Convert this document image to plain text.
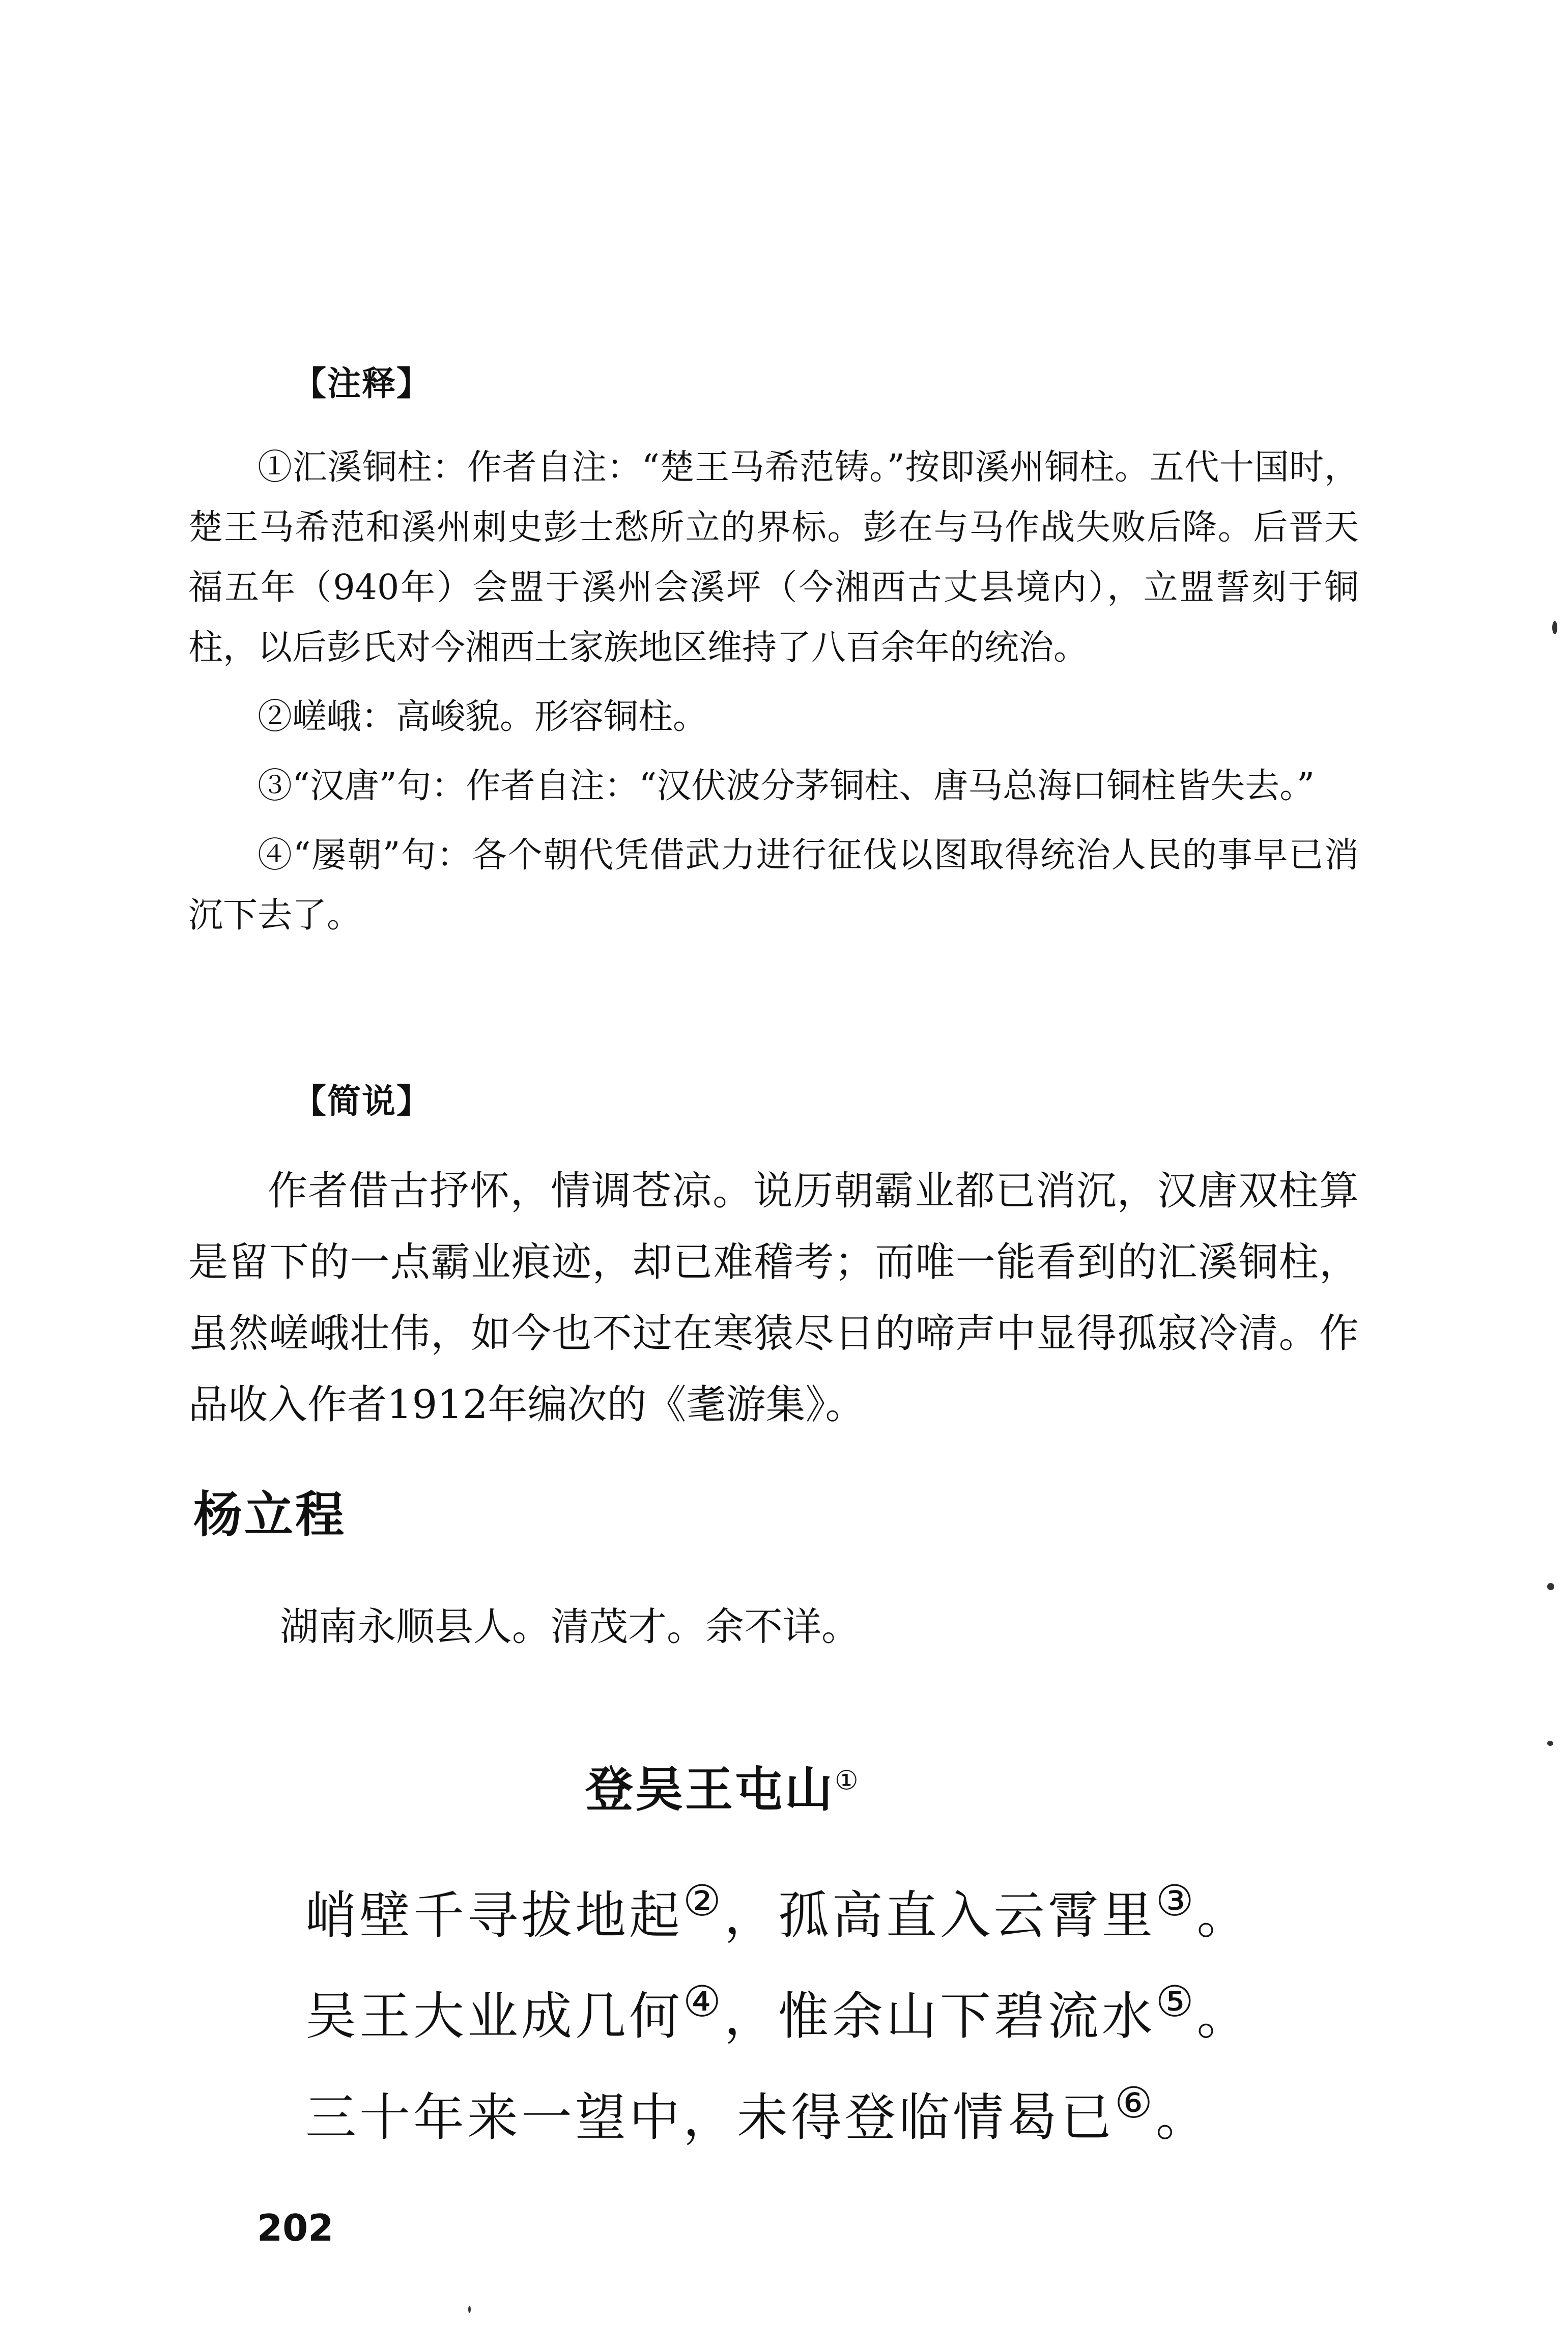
【注释】

①汇溪铜柱：作者自注：“楚王马希范铸。”按即溪州铜柱。五代十国时，楚王马希范和溪州刺史彭士愁所立的界标。彭在与马作战失败后降。后晋天福五年（940年）会盟于溪州会溪坪（今湘西古丈县境内），立盟誓刻于铜柱，以后彭氏对今湘西土家族地区维持了八百余年的统治。

②嵯峨：高峻貌。形容铜柱。

③“汉唐”句：作者自注：“汉伏波分茅铜柱、唐马总海口铜柱皆失去。”

④“屡朝”句：各个朝代凭借武力进行征伐以图取得统治人民的事早已消沉下去了。

【简说】

作者借古抒怀，情调苍凉。说历朝霸业都已消沉，汉唐双柱算是留下的一点霸业痕迹，却已难稽考；而唯一能看到的汇溪铜柱，虽然嵯峨壮伟，如今也不过在寒猿尽日的啼声中显得孤寂冷清。作品收入作者1912年编次的《耄游集》。

杨立程

湖南永顺县人。清茂才。余不详。

登吴王屯山①
峭壁千寻拔地起②，孤高直入云霄里③。
吴王大业成几何④，惟余山下碧流水⑤。
三十年来一望中，未得登临情曷已⑥。
202
